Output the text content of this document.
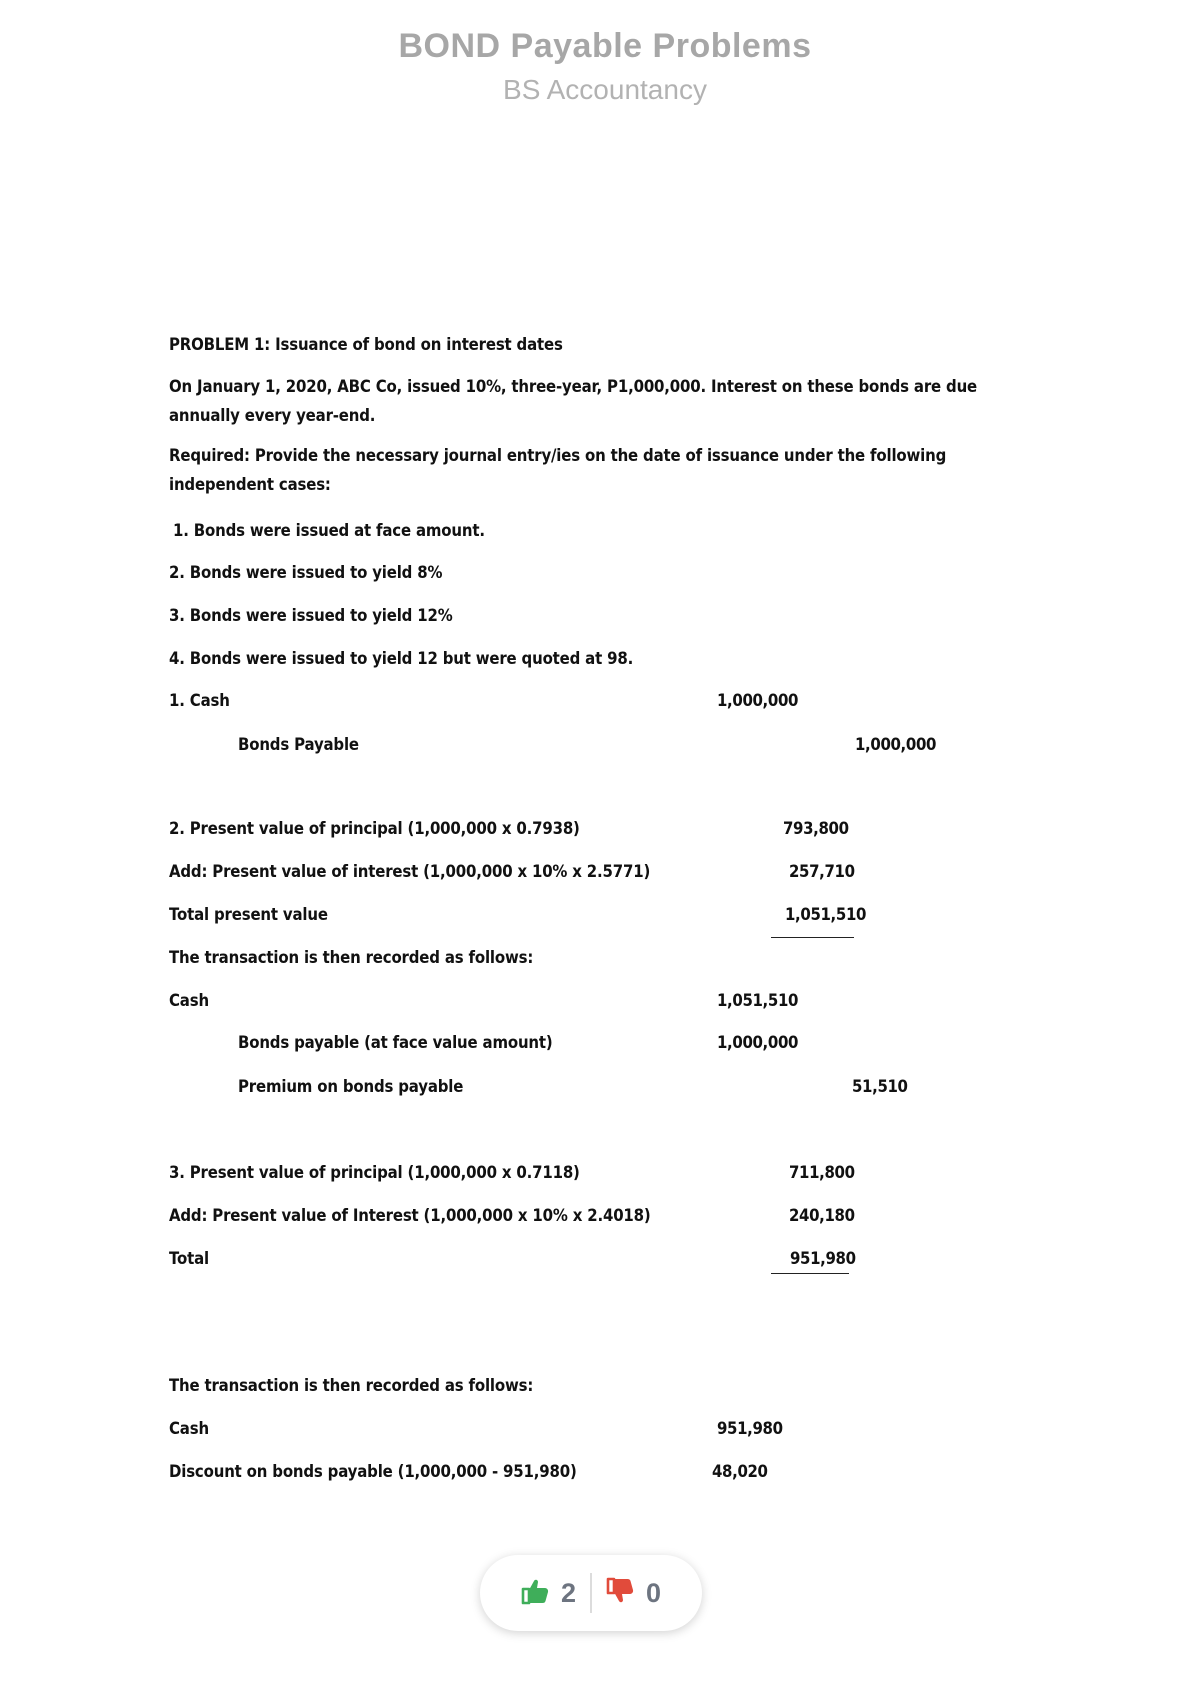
BOND Payable Problems
BS Accountancy
PROBLEM 1: Issuance of bond on interest dates
On January 1, 2020, ABC Co, issued 10%, three-year, P1,000,000. Interest on these bonds are due annually every year-end.
Required: Provide the necessary journal entry/ies on the date of issuance under the following independent cases:
1. Bonds were issued at face amount.
2. Bonds were issued to yield 8%
3. Bonds were issued to yield 12%
4. Bonds were issued to yield 12 but were quoted at 98.
1. Cash	1,000,000
Bonds Payable	1,000,000
2. Present value of principal (1,000,000 x 0.7938)	793,800
Add: Present value of interest (1,000,000 x 10% x 2.5771)	257,710
Total present value	1,051,510
The transaction is then recorded as follows:
Cash	1,051,510
Bonds payable (at face value amount)	1,000,000
Premium on bonds payable	51,510
3. Present value of principal (1,000,000 x 0.7118)	711,800
Add: Present value of Interest (1,000,000 x 10% x 2.4018)	240,180
Total	951,980
The transaction is then recorded as follows:
Cash	951,980
Discount on bonds payable (1,000,000 - 951,980)	48,020
2	0
